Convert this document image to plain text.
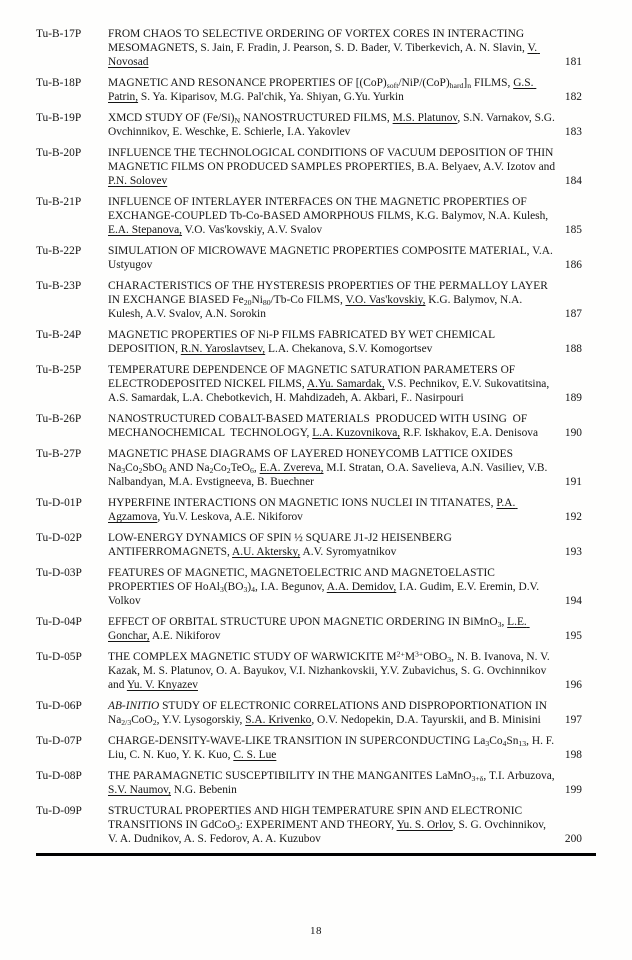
Tu-B-17P	FROM CHAOS TO SELECTIVE ORDERING OF VORTEX CORES IN INTERACTING MESOMAGNETS, S. Jain, F. Fradin, J. Pearson, S. D. Bader, V. Tiberkevich, A. N. Slavin, V. Novosad	181
Tu-B-18P	MAGNETIC AND RESONANCE PROPERTIES OF $[(CoP)_{soft}/NiP/(CoP)_{hard}]_n$ FILMS, G.S. Patrin, S. Ya. Kiparisov, M.G. Pal'chik, Ya. Shiyan, G.Yu. Yurkin	182
Tu-B-19P	XMCD STUDY OF $(Fe/Si)_N$ NANOSTRUCTURED FILMS, M.S. Platunov, S.N. Varnakov, S.G. Ovchinnikov, E. Weschke, E. Schierle, I.A. Yakovlev	183
Tu-B-20P	INFLUENCE THE TECHNOLOGICAL CONDITIONS OF VACUUM DEPOSITION OF THIN MAGNETIC FILMS ON PRODUCED SAMPLES PROPERTIES, B.A. Belyaev, A.V. Izotov and P.N. Solovev	184
Tu-B-21P	INFLUENCE OF INTERLAYER INTERFACES ON THE MAGNETIC PROPERTIES OF EXCHANGE-COUPLED Tb-Co-BASED AMORPHOUS FILMS, K.G. Balymov, N.A. Kulesh, E.A. Stepanova, V.O. Vas'kovskiy, A.V. Svalov	185
Tu-B-22P	SIMULATION OF MICROWAVE MAGNETIC PROPERTIES COMPOSITE MATERIAL, V.A. Ustyugov	186
Tu-B-23P	CHARACTERISTICS OF THE HYSTERESIS PROPERTIES OF THE PERMALLOY LAYER IN EXCHANGE BIASED $Fe_{20}Ni_{80}/Tb-Co$ FILMS, V.O. Vas'kovskiy, K.G. Balymov, N.A. Kulesh, A.V. Svalov, A.N. Sorokin	187
Tu-B-24P	MAGNETIC PROPERTIES OF Ni-P FILMS FABRICATED BY WET CHEMICAL DEPOSITION, R.N. Yaroslavtsev, L.A. Chekanova, S.V. Komogortsev	188
Tu-B-25P	TEMPERATURE DEPENDENCE OF MAGNETIC SATURATION PARAMETERS OF ELECTRODEPOSITED NICKEL FILMS, A.Yu. Samardak, V.S. Pechnikov, E.V. Sukovatitsina, A.S. Samardak, L.A. Chebotkevich, H. Mahdizadeh, A. Akbari, F.. Nasirpouri	189
Tu-B-26P	NANOSTRUCTURED COBALT-BASED MATERIALS  PRODUCED WITH USING  OF MECHANOCHEMICAL  TECHNOLOGY, L.A. Kuzovnikova, R.F. Iskhakov, E.A. Denisova	190
Tu-B-27P	MAGNETIC PHASE DIAGRAMS OF LAYERED HONEYCOMB LATTICE OXIDES $Na_3Co_2SbO_6$ AND $Na_2Co_2TeO_6$, E.A. Zvereva, M.I. Stratan, O.A. Savelieva, A.N. Vasiliev, V.B. Nalbandyan, M.A. Evstigneeva, B. Buechner	191
Tu-D-01P	HYPERFINE INTERACTIONS ON MAGNETIC IONS NUCLEI IN TITANATES, P.A. Agzamova, Yu.V. Leskova, A.E. Nikiforov	192
Tu-D-02P	LOW-ENERGY DYNAMICS OF SPIN ½ SQUARE J1-J2 HEISENBERG ANTIFERROMAGNETS, A.U. Aktersky, A.V. Syromyatnikov	193
Tu-D-03P	FEATURES OF MAGNETIC, MAGNETOELECTRIC AND MAGNETOELASTIC PROPERTIES OF $HoAl_3(BO_3)_4$, I.A. Begunov, A.A. Demidov, I.A. Gudim, E.V. Eremin, D.V. Volkov	194
Tu-D-04P	EFFECT OF ORBITAL STRUCTURE UPON MAGNETIC ORDERING IN BiMnO$_3$, L.E. Gonchar, A.E. Nikiforov	195
Tu-D-05P	THE COMPLEX MAGNETIC STUDY OF WARWICKITE $M^{2+}M^{3+}OBO_3$, N. B. Ivanova, N. V. Kazak, M. S. Platunov, O. A. Bayukov, V.I. Nizhankovskii, Y.V. Zubavichus, S. G. Ovchinnikov and Yu. V. Knyazev	196
Tu-D-06P	AB-INITIO STUDY OF ELECTRONIC CORRELATIONS AND DISPROPORTIONATION IN $Na_{2/3}CoO_2$, Y.V. Lysogorskiy, S.A. Krivenko, O.V. Nedopekin, D.A. Tayurskii, and B. Minisini	197
Tu-D-07P	CHARGE-DENSITY-WAVE-LIKE TRANSITION IN SUPERCONDUCTING $La_3Co_4Sn_{13}$, H. F. Liu, C. N. Kuo, Y. K. Kuo, C. S. Lue	198
Tu-D-08P	THE PARAMAGNETIC SUSCEPTIBILITY IN THE MANGANITES LaMnO$_{3+\delta}$, T.I. Arbuzova, S.V. Naumov, N.G. Bebenin	199
Tu-D-09P	STRUCTURAL PROPERTIES AND HIGH TEMPERATURE SPIN AND ELECTRONIC TRANSITIONS IN GdCoO$_3$: EXPERIMENT AND THEORY, Yu. S. Orlov, S. G. Ovchinnikov, V. A. Dudnikov, A. S. Fedorov, A. A. Kuzubov	200
18
